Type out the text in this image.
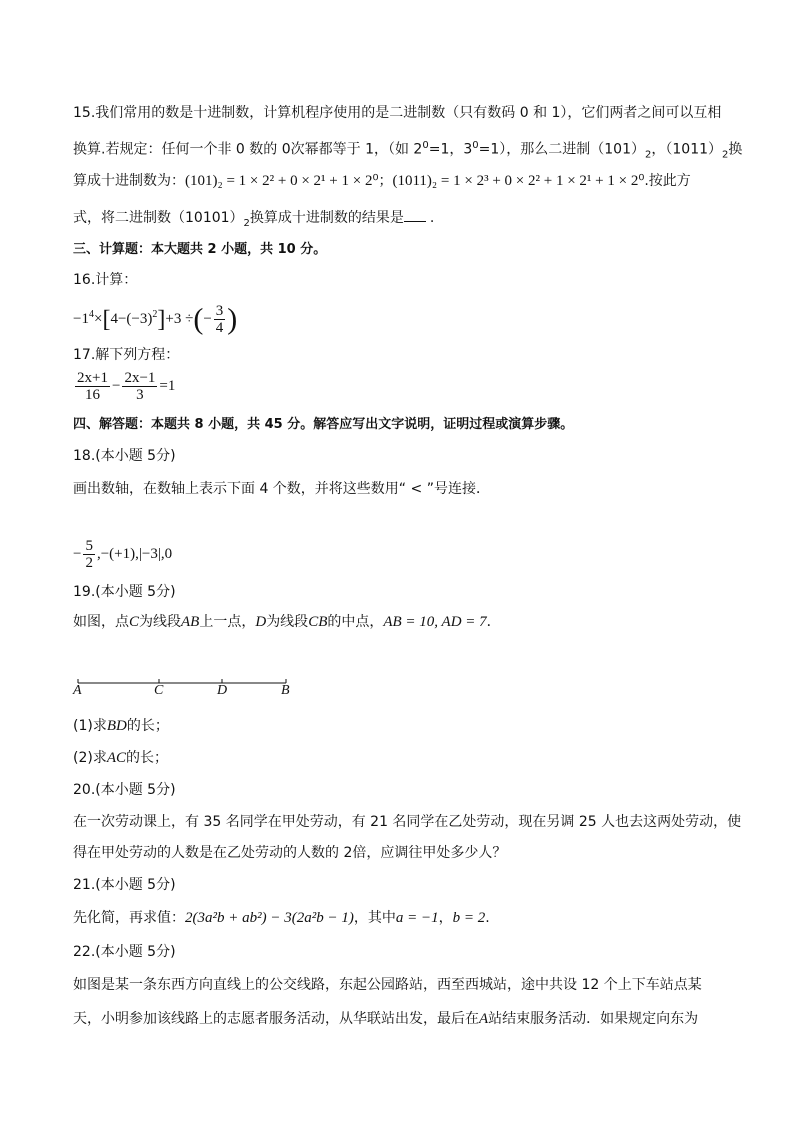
15.我们常用的数是十进制数，计算机程序使用的是二进制数（只有数码 0 和 1），它们两者之间可以互相
换算.若规定：任何一个非 0 数的 0次幂都等于 1，（如 $2^0=1$，$3^0=1$），那么二进制$(101)_2$，$(1011)_2$换
算成十进制数为：(101)₂ = 1 × 2² + 0 × 2¹ + 1 × 2⁰；(1011)₂ = 1 × 2³ + 0 × 2² + 1 × 2¹ + 1 × 2⁰.按此方
式，将二进制数$(10101)_2$换算成十进制数的结果是 .
三、计算题：本大题共 2 小题，共 10 分。
16.计算：
$-1^4\times[4-(-3)^2]+3$ ÷(− $\frac{3}{4}$ )
17.解下列方程：
$\frac{2x+1}{16} - \frac{2x-1}{3} =1$
四、解答题：本题共 8 小题，共 45 分。解答应写出文字说明，证明过程或演算步骤。
18.(本小题 5分)
画出数轴，在数轴上表示下面 4 个数，并将这些数用“ < ”号连接．
− $\frac{5}{2} ,-(+1),|-3|,0$
19.(本小题 5分)
如图，点C为线段AB上一点，D为线段CB的中点，AB = 10, AD = 7．
A	C	D	B
(1)求BD的长；
(2)求AC的长；
20.(本小题 5分)
在一次劳动课上，有 35 名同学在甲处劳动，有 21 名同学在乙处劳动，现在另调 25 人也去这两处劳动，使
得在甲处劳动的人数是在乙处劳动的人数的 2倍，应调往甲处多少人？
21.(本小题 5分)
先化简，再求值：2(3a²b + ab²) − 3(2a²b − 1)，其中a = −1，b = 2.
22.(本小题 5分)
如图是某一条东西方向直线上的公交线路，东起公园路站，西至西城站，途中共设 12 个上下车站点某
天，小明参加该线路上的志愿者服务活动，从华联站出发，最后在A站结束服务活动．如果规定向东为
